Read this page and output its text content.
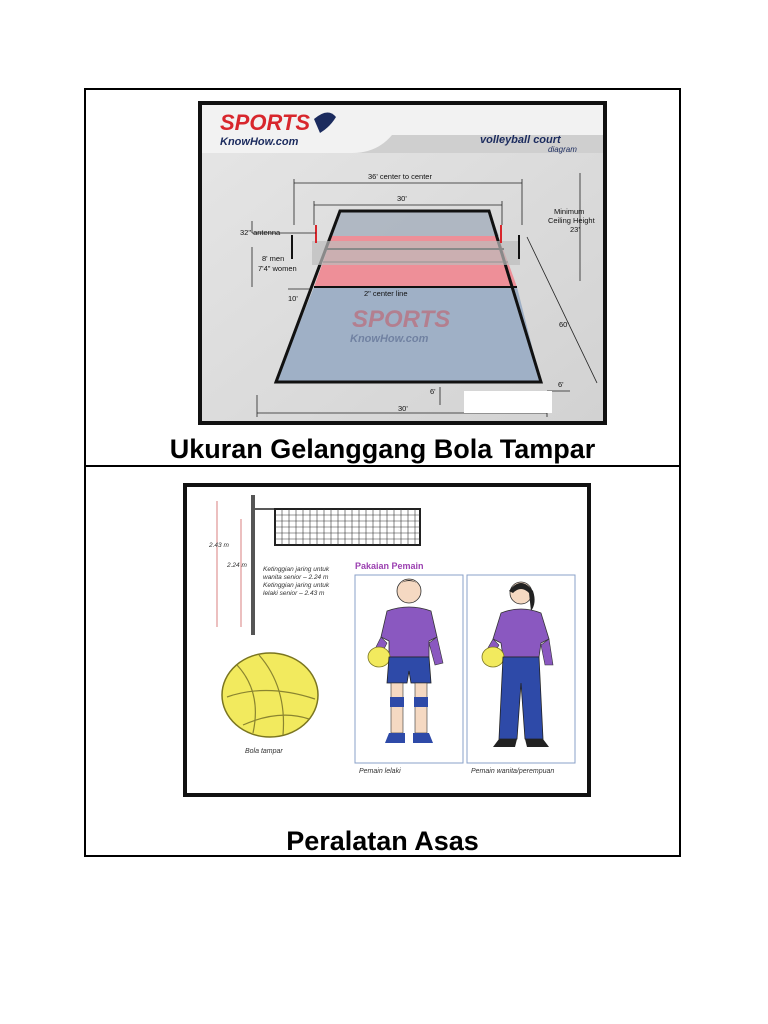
SPORTS
KnowHow.com	volleyball court
diagram
SPORTS
KnowHow.com
36' center to center
30'
Minimum
Ceiling Height
23'
32" antenna
8' men
7'4" women
10'
2" center line
60'
6'
6'
30'
Ukuran Gelanggang Bola Tampar
2.43 m
2.24 m
Ketinggian jaring untuk
wanita senior – 2.24 m
Ketinggian jaring untuk
lelaki senior – 2.43 m
Bola tampar
Pakaian Pemain
Pemain lelaki	Pemain wanita/perempuan
Peralatan Asas
